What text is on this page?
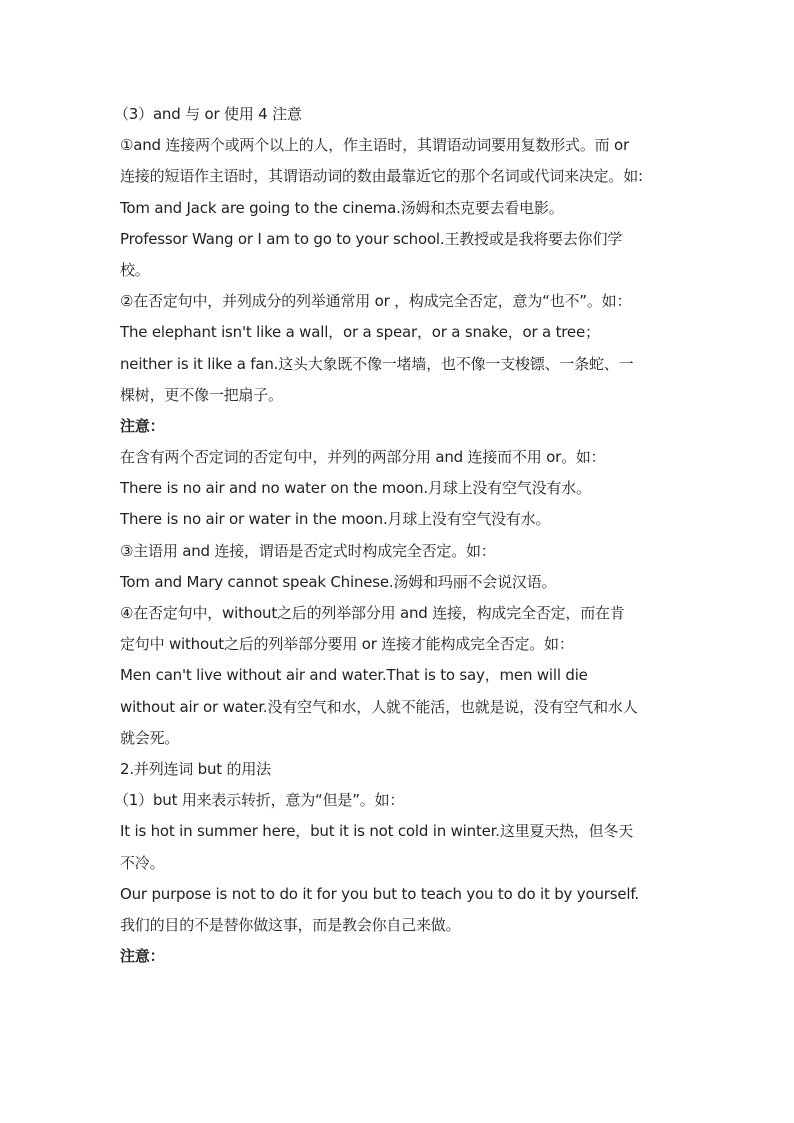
（3）and 与 or 使用 4 注意
①and 连接两个或两个以上的人，作主语时，其谓语动词要用复数形式。而 or
连接的短语作主语时，其谓语动词的数由最靠近它的那个名词或代词来决定。如:
Tom and Jack are going to the cinema.汤姆和杰克要去看电影。
Professor Wang or I am to go to your school.王教授或是我将要去你们学
校。
②在否定句中，并列成分的列举通常用 or ，构成完全否定，意为“也不”。如：
The elephant isn't like a wall，or a spear，or a snake，or a tree；
neither is it like a fan.这头大象既不像一堵墙，也不像一支梭镖、一条蛇、一
棵树，更不像一把扇子。
注意：
在含有两个否定词的否定句中，并列的两部分用 and 连接而不用 or。如：
There is no air and no water on the moon.月球上没有空气没有水。
There is no air or water in the moon.月球上没有空气没有水。
③主语用 and 连接，谓语是否定式时构成完全否定。如：
Tom and Mary cannot speak Chinese.汤姆和玛丽不会说汉语。
④在否定句中，without之后的列举部分用 and 连接，构成完全否定，而在肯
定句中 without之后的列举部分要用 or 连接才能构成完全否定。如：
Men can't live without air and water.That is to say，men will die
without air or water.没有空气和水，人就不能活，也就是说，没有空气和水人
就会死。
2.并列连词 but 的用法
（1）but 用来表示转折，意为“但是”。如：
It is hot in summer here，but it is not cold in winter.这里夏天热，但冬天
不冷。
Our purpose is not to do it for you but to teach you to do it by yourself.
我们的目的不是替你做这事，而是教会你自己来做。
注意：
